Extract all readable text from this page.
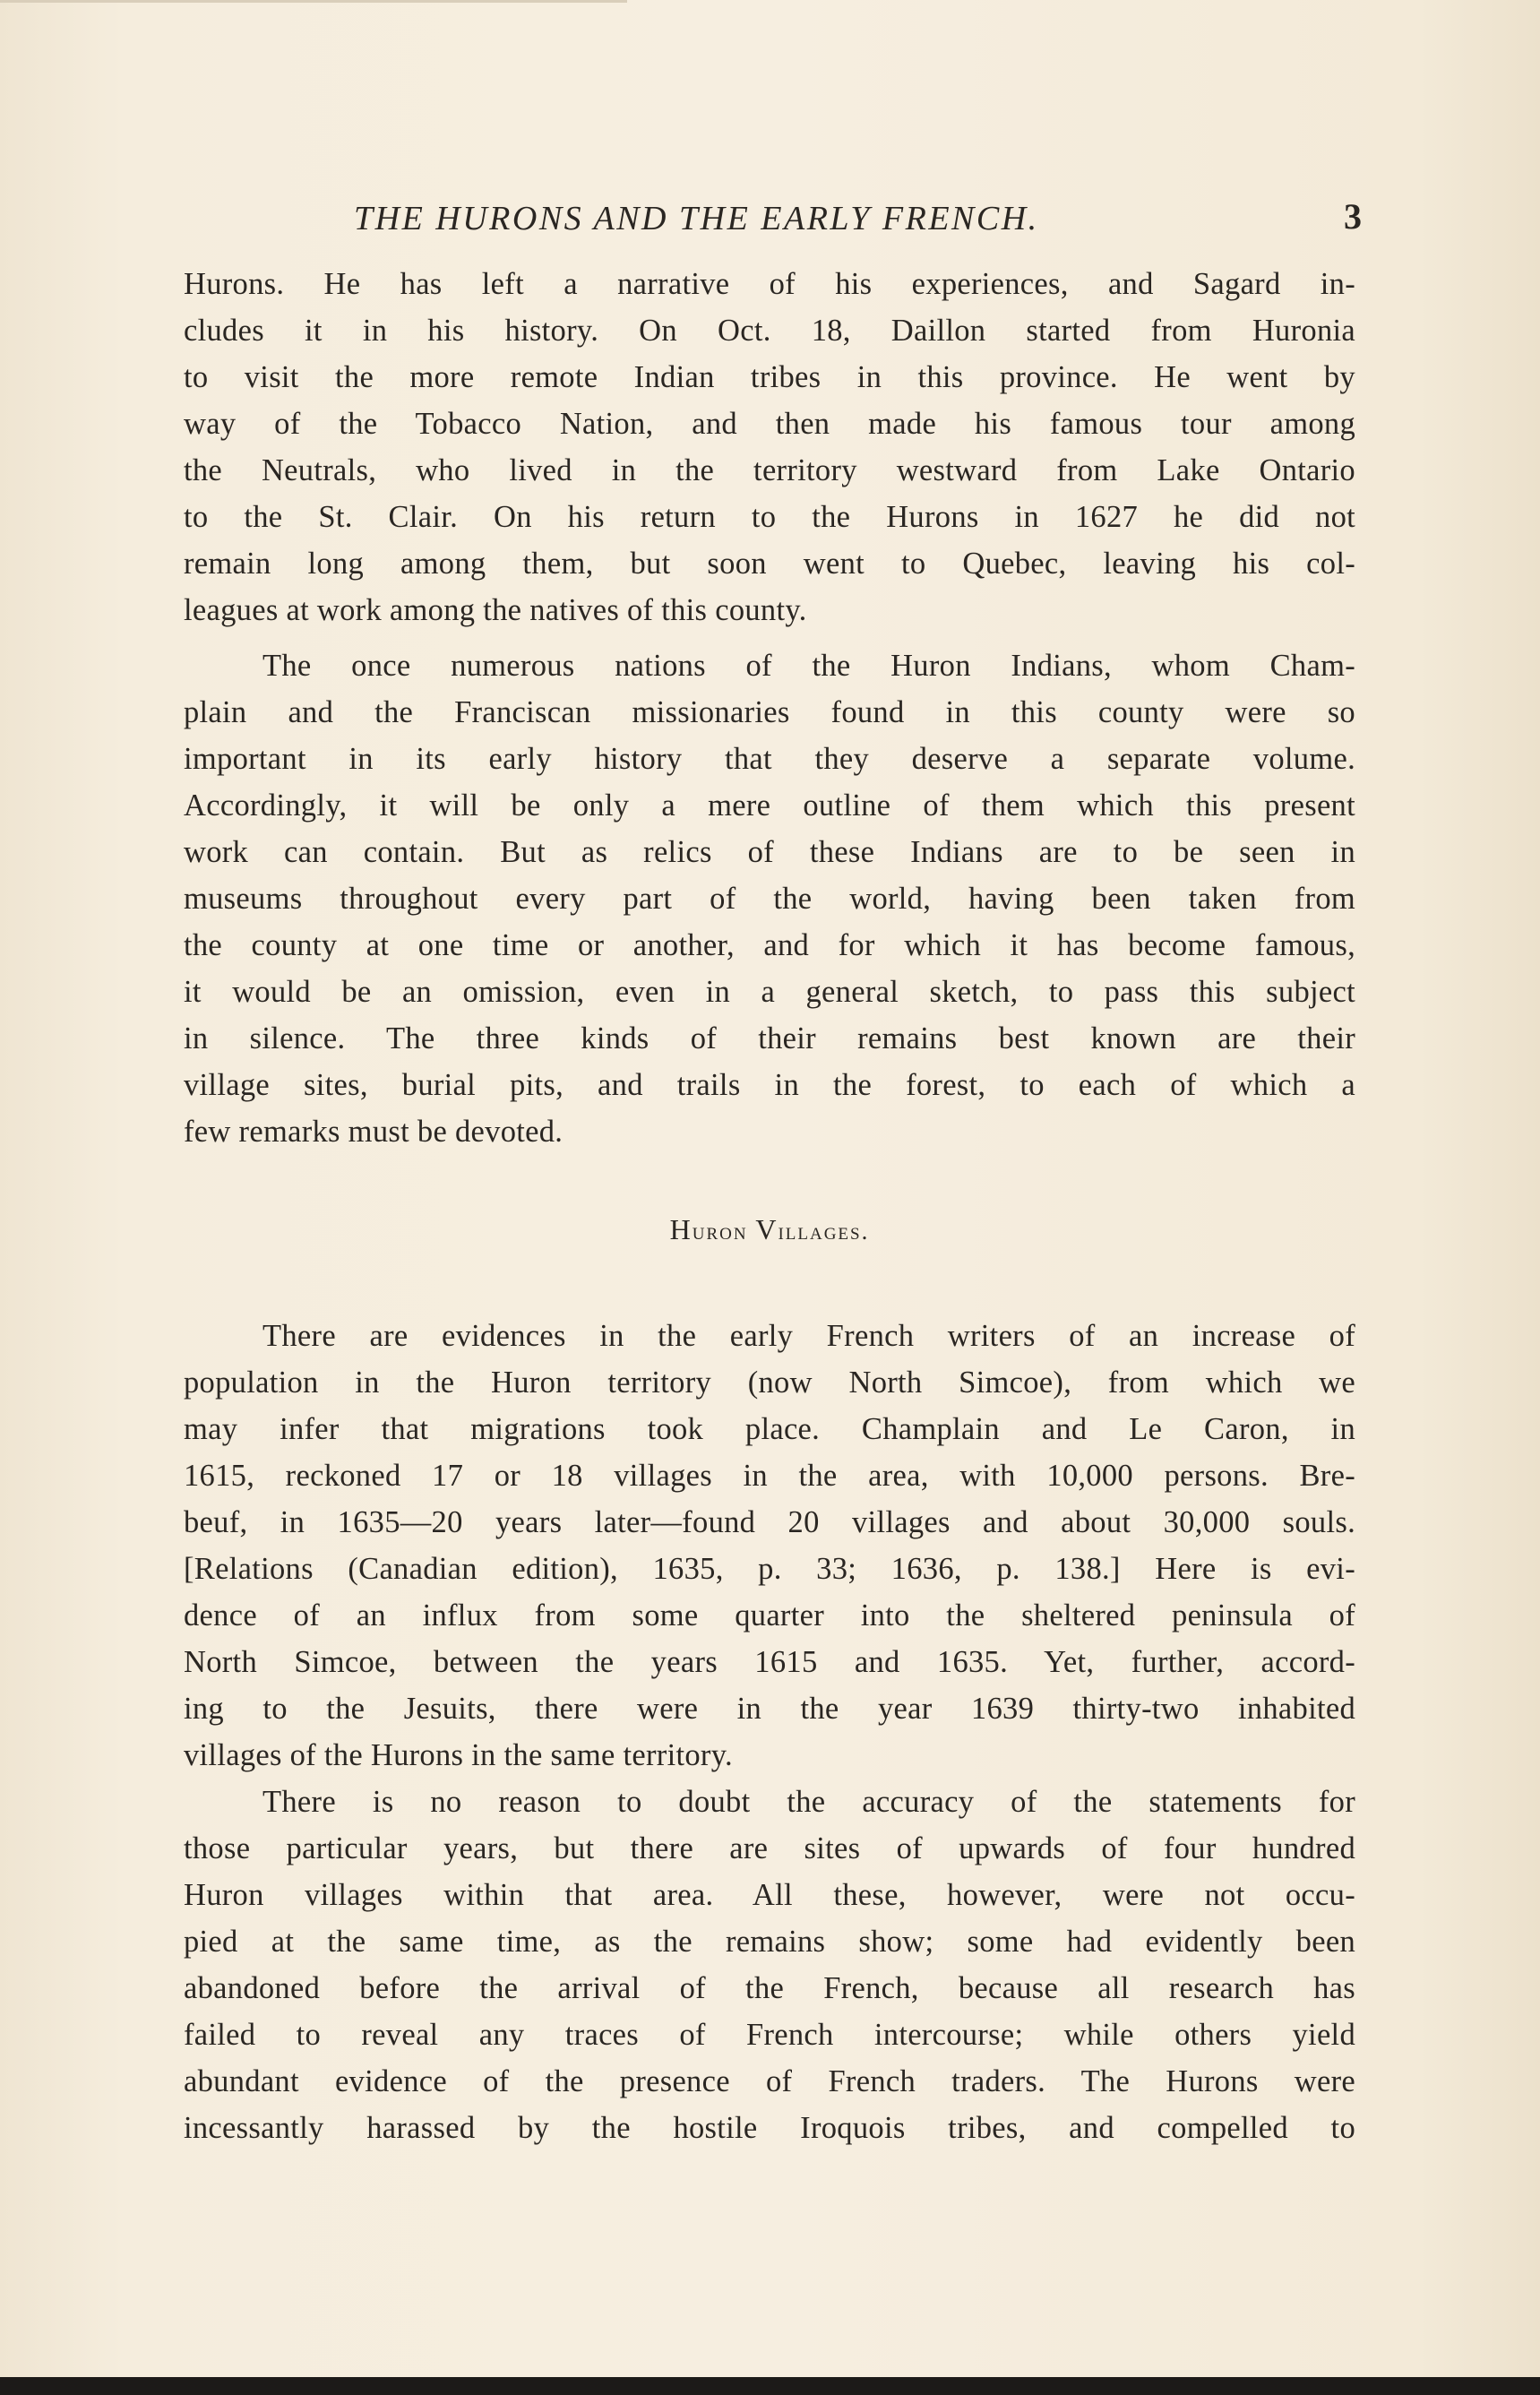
THE HURONS AND THE EARLY FRENCH.	3
Hurons. He has left a narrative of his experiences, and Sagard in-
cludes it in his history. On Oct. 18, Daillon started from Huronia
to visit the more remote Indian tribes in this province. He went by
way of the Tobacco Nation, and then made his famous tour among
the Neutrals, who lived in the territory westward from Lake Ontario
to the St. Clair. On his return to the Hurons in 1627 he did not
remain long among them, but soon went to Quebec, leaving his col-
leagues at work among the natives of this county.
The once numerous nations of the Huron Indians, whom Cham-
plain and the Franciscan missionaries found in this county were so
important in its early history that they deserve a separate volume.
Accordingly, it will be only a mere outline of them which this present
work can contain. But as relics of these Indians are to be seen in
museums throughout every part of the world, having been taken from
the county at one time or another, and for which it has become famous,
it would be an omission, even in a general sketch, to pass this subject
in silence. The three kinds of their remains best known are their
village sites, burial pits, and trails in the forest, to each of which a
few remarks must be devoted.
Huron Villages.
There are evidences in the early French writers of an increase of
population in the Huron territory (now North Simcoe), from which we
may infer that migrations took place. Champlain and Le Caron, in
1615, reckoned 17 or 18 villages in the area, with 10,000 persons. Bre-
beuf, in 1635—20 years later—found 20 villages and about 30,000 souls.
[Relations (Canadian edition), 1635, p. 33; 1636, p. 138.] Here is evi-
dence of an influx from some quarter into the sheltered peninsula of
North Simcoe, between the years 1615 and 1635. Yet, further, accord-
ing to the Jesuits, there were in the year 1639 thirty-two inhabited
villages of the Hurons in the same territory.
There is no reason to doubt the accuracy of the statements for
those particular years, but there are sites of upwards of four hundred
Huron villages within that area. All these, however, were not occu-
pied at the same time, as the remains show; some had evidently been
abandoned before the arrival of the French, because all research has
failed to reveal any traces of French intercourse; while others yield
abundant evidence of the presence of French traders. The Hurons were
incessantly harassed by the hostile Iroquois tribes, and compelled to
